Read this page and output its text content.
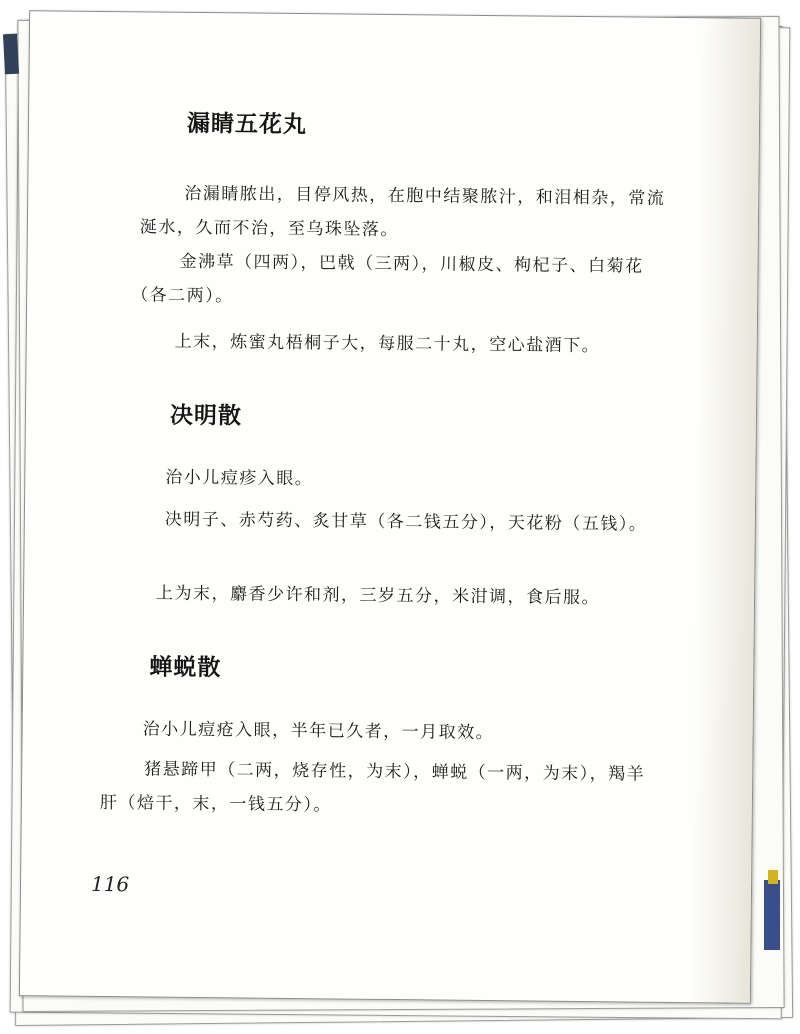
漏睛五花丸

治漏睛脓出，目停风热，在胞中结聚脓汁，和泪相杂，常流涎水，久而不治，至乌珠坠落。

金沸草（四两），巴戟（三两），川椒皮、枸杞子、白菊花（各二两）。

上末，炼蜜丸梧桐子大，每服二十丸，空心盐酒下。

决明散

治小儿痘疹入眼。

决明子、赤芍药、炙甘草（各二钱五分），天花粉（五钱）。

上为末，麝香少许和剂，三岁五分，米泔调，食后服。

蝉蜕散

治小儿痘疮入眼，半年已久者，一月取效。

猪悬蹄甲（二两，烧存性，为末），蝉蜕（一两，为末），羯羊肝（焙干，末，一钱五分）。

116
